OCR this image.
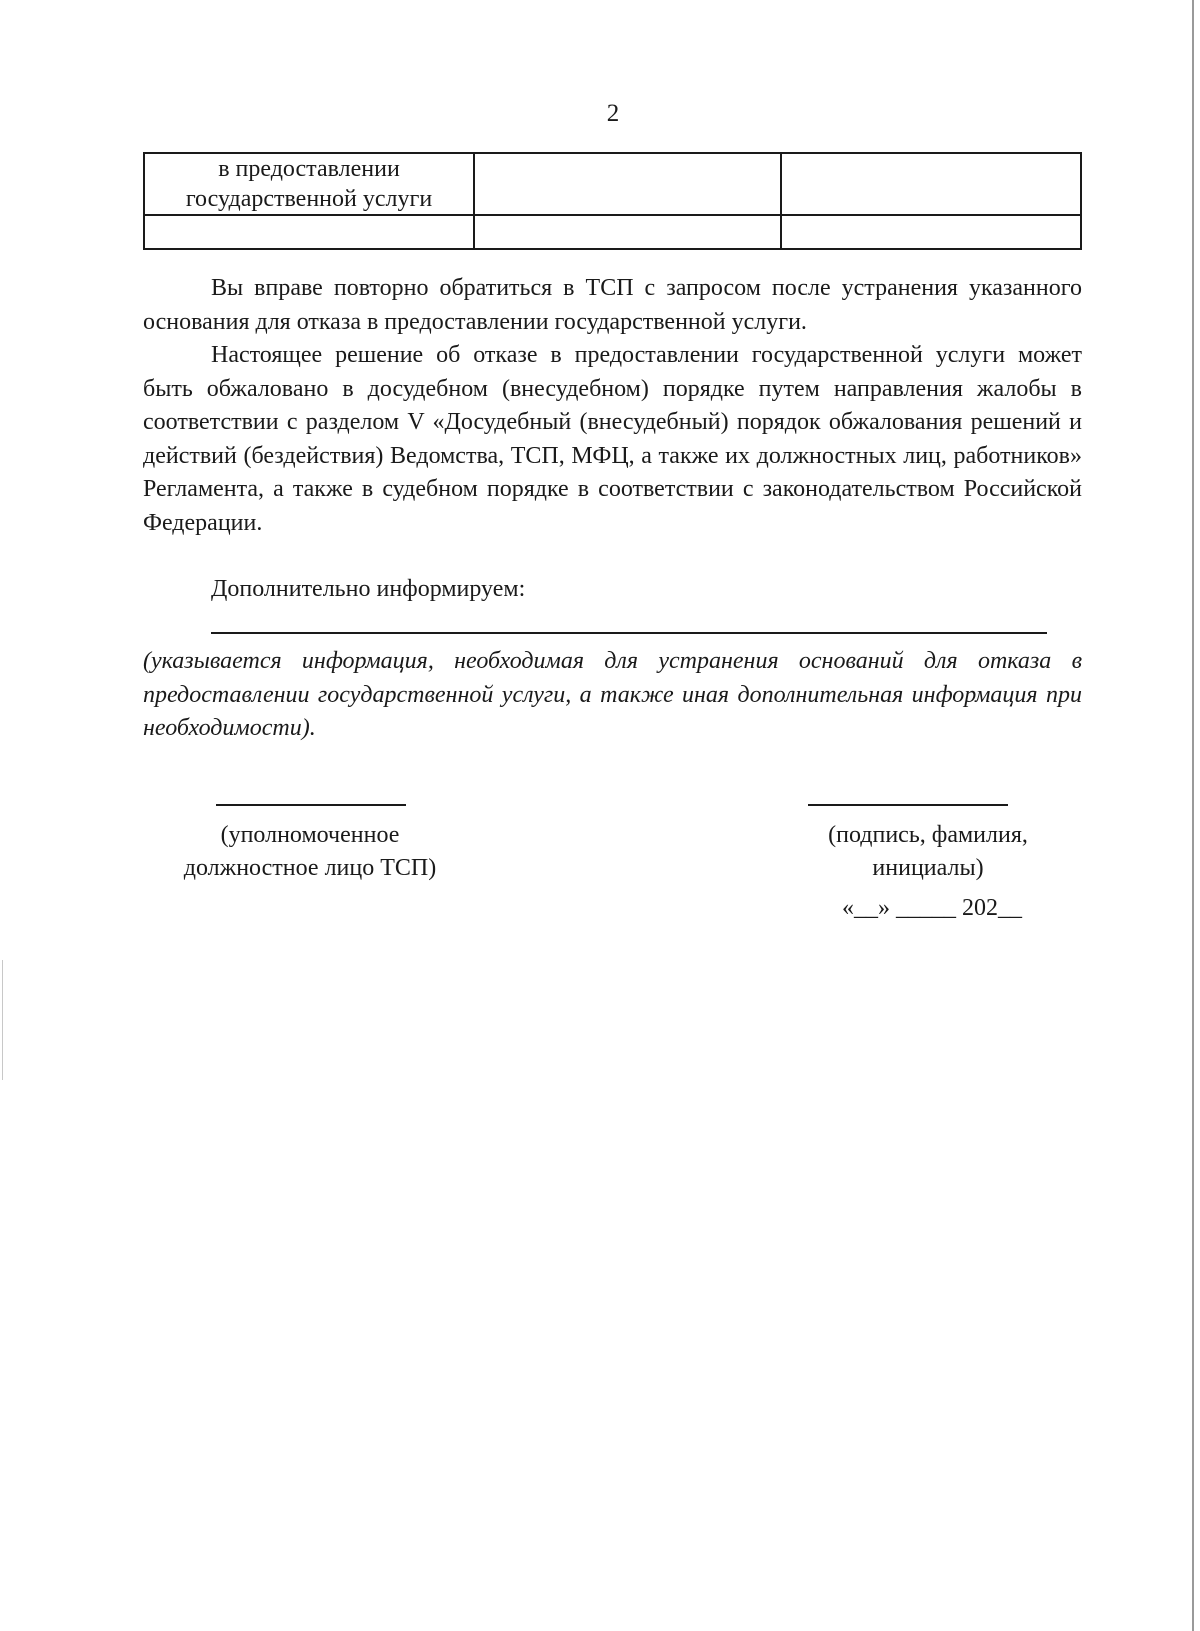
2
в предоставлении
государственной услуги		

Вы вправе повторно обратиться в ТСП с запросом после устранения указанного основания для отказа в предоставлении государственной услуги.

Настоящее решение об отказе в предоставлении государственной услуги может быть обжаловано в досудебном (внесудебном) порядке путем направления жалобы в соответствии с разделом V «Досудебный (внесудебный) порядок обжалования решений и действий (бездействия) Ведомства, ТСП, МФЦ, а также их должностных лиц, работников» Регламента, а также в судебном порядке в соответствии с законодательством Российской Федерации.

Дополнительно информируем:

(указывается информация, необходимая для устранения оснований для отказа в предоставлении государственной услуги, а также иная дополнительная информация при необходимости).

(уполномоченное
должностное лицо ТСП)
(подпись, фамилия,
инициалы)
«__» _____ 202__
